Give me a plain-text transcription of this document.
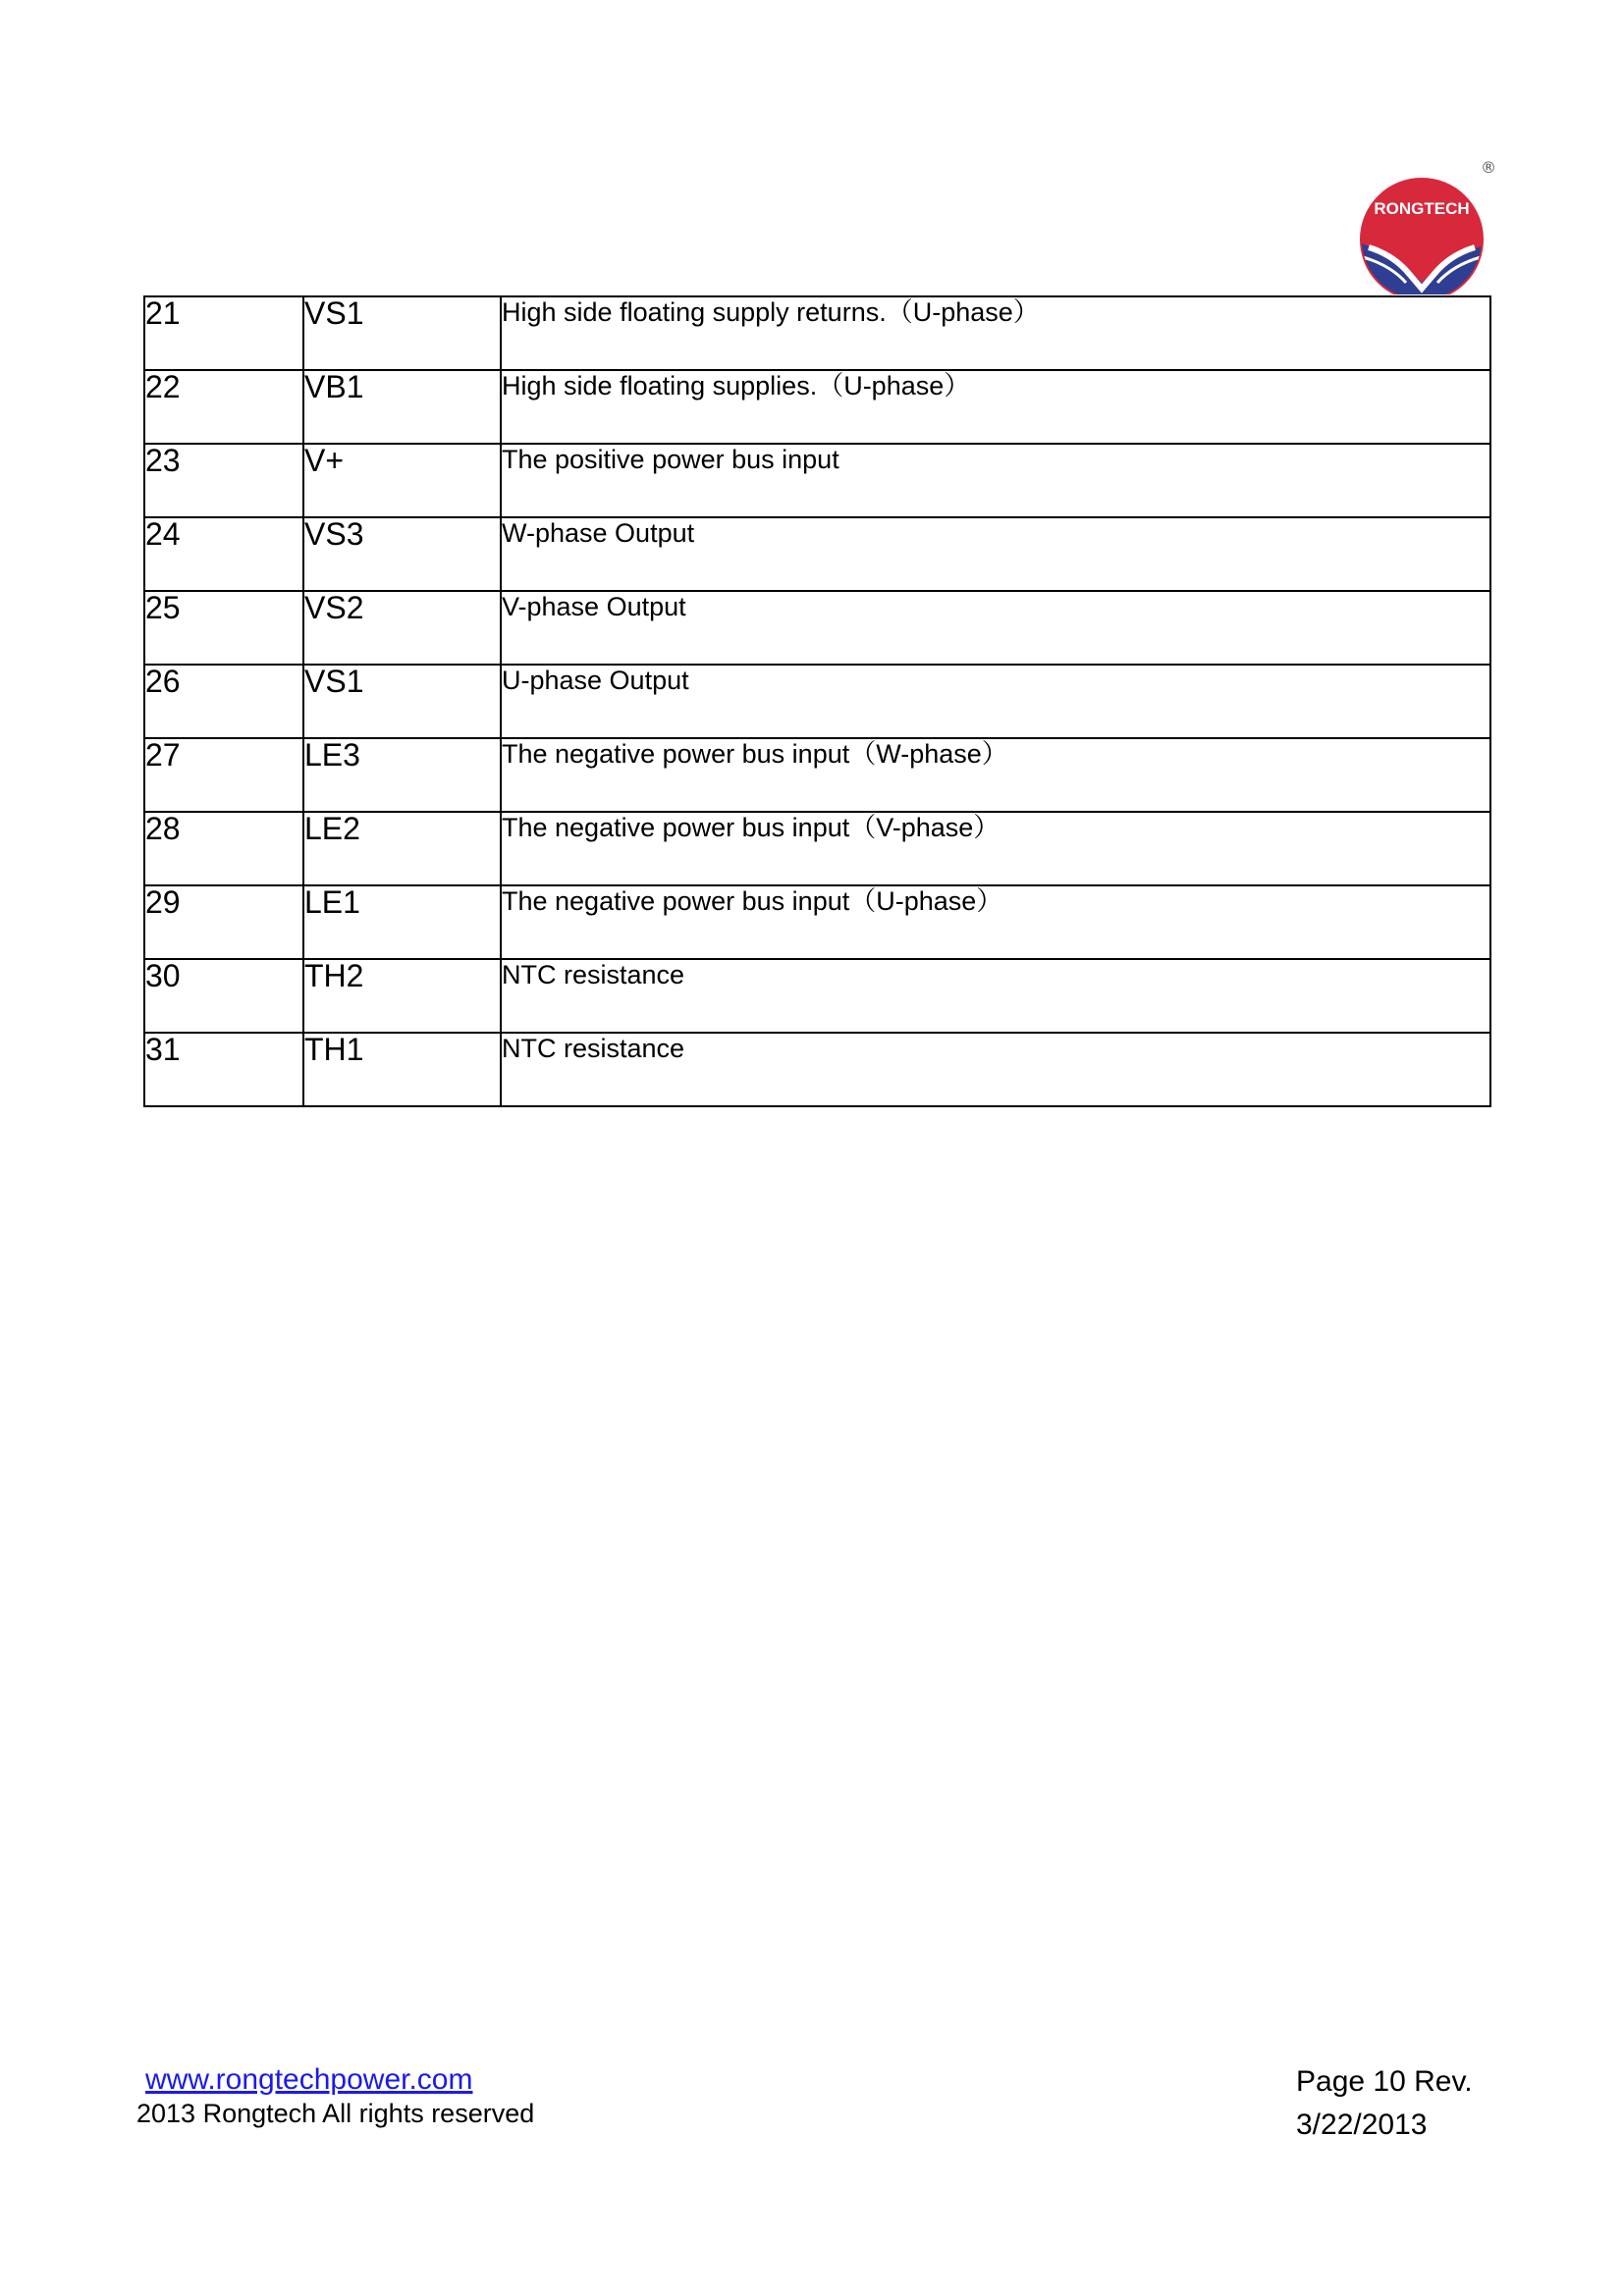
RONGTECH
®
21	VS1	High side floating supply returns.（U-phase）

22	VB1	High side floating supplies.（U-phase）

23	V+	The positive power bus input

24	VS3	W-phase Output

25	VS2	V-phase Output

26	VS1	U-phase Output

27	LE3	The negative power bus input（W-phase）

28	LE2	The negative power bus input（V-phase）

29	LE1	The negative power bus input（U-phase）

30	TH2	NTC resistance

31	TH1	NTC resistance
www.rongtechpower.com
2013 Rongtech All rights reserved
Page 10 Rev.
3/22/2013
